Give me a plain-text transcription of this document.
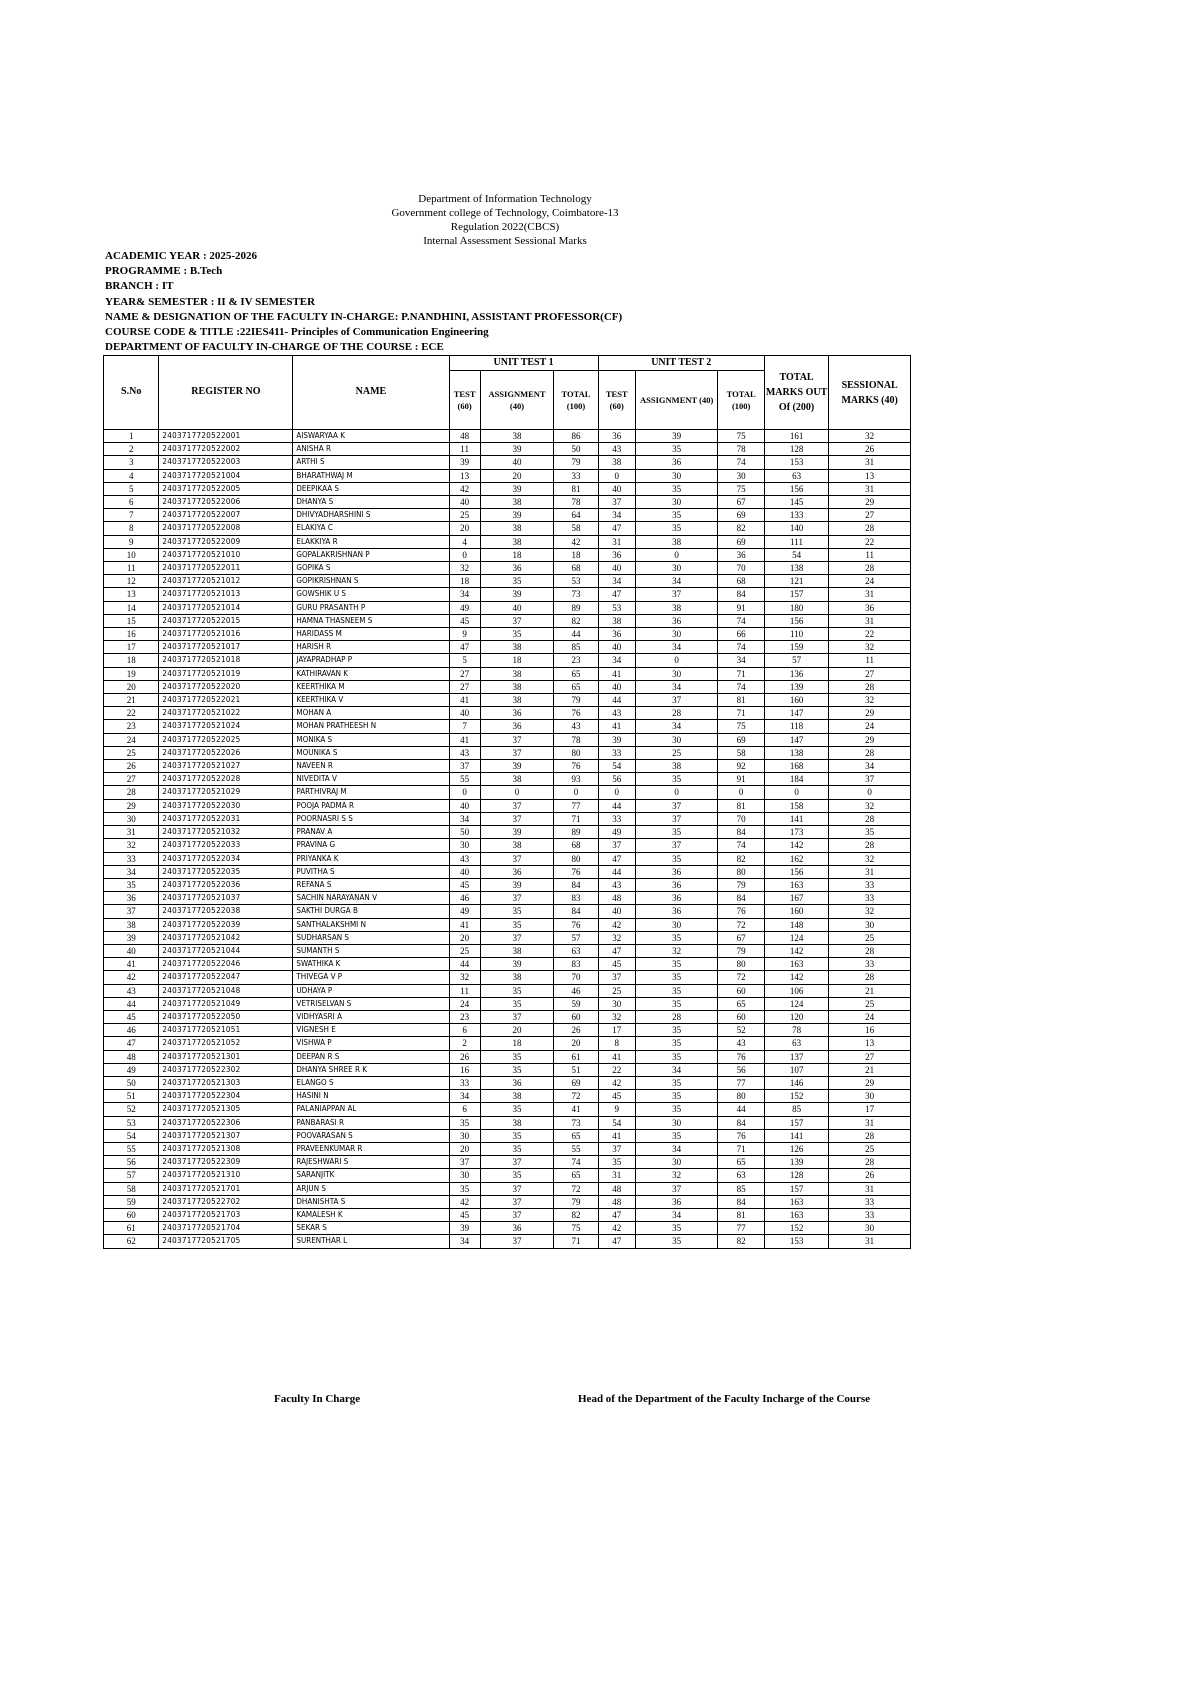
Department of Information Technology
Government college of Technology, Coimbatore-13
Regulation 2022(CBCS)
Internal Assessment Sessional Marks
ACADEMIC YEAR : 2025-2026
PROGRAMME : B.Tech
BRANCH : IT
YEAR& SEMESTER : II & IV SEMESTER
NAME & DESIGNATION OF THE FACULTY IN-CHARGE: P.NANDHINI, ASSISTANT PROFESSOR(CF)
COURSE CODE & TITLE :22IES411- Principles of Communication Engineering
DEPARTMENT OF FACULTY IN-CHARGE OF THE COURSE : ECE
S.No	REGISTER NO	NAME	UNIT TEST 1			UNIT TEST 2			TOTAL MARKS OUT Of (200)	SESSIONAL MARKS (40)
			TEST (60)	ASSIGNMENT (40)	TOTAL (100)	TEST (60)	ASSIGNMENT (40)	TOTAL (100)		
1	2403717720522001	AISWARYAA K	48	38	86	36	39	75	161	32
2	2403717720522002	ANISHA R	11	39	50	43	35	78	128	26
3	2403717720522003	ARTHI S	39	40	79	38	36	74	153	31
4	2403717720521004	BHARATHWAJ M	13	20	33	0	30	30	63	13
5	2403717720522005	DEEPIKAA S	42	39	81	40	35	75	156	31
6	2403717720522006	DHANYA S	40	38	78	37	30	67	145	29
7	2403717720522007	DHIVYADHARSHINI S	25	39	64	34	35	69	133	27
8	2403717720522008	ELAKIYA C	20	38	58	47	35	82	140	28
9	2403717720522009	ELAKKIYA R	4	38	42	31	38	69	111	22
10	2403717720521010	GOPALAKRISHNAN P	0	18	18	36	0	36	54	11
11	2403717720522011	GOPIKA S	32	36	68	40	30	70	138	28
12	2403717720521012	GOPIKRISHNAN S	18	35	53	34	34	68	121	24
13	2403717720521013	GOWSHIK U S	34	39	73	47	37	84	157	31
14	2403717720521014	GURU PRASANTH P	49	40	89	53	38	91	180	36
15	2403717720522015	HAMNA THASNEEM S	45	37	82	38	36	74	156	31
16	2403717720521016	HARIDASS M	9	35	44	36	30	66	110	22
17	2403717720521017	HARISH R	47	38	85	40	34	74	159	32
18	2403717720521018	JAYAPRADHAP P	5	18	23	34	0	34	57	11
19	2403717720521019	KATHIRAVAN K	27	38	65	41	30	71	136	27
20	2403717720522020	KEERTHIKA M	27	38	65	40	34	74	139	28
21	2403717720522021	KEERTHIKA V	41	38	79	44	37	81	160	32
22	2403717720521022	MOHAN A	40	36	76	43	28	71	147	29
23	2403717720521024	MOHAN PRATHEESH N	7	36	43	41	34	75	118	24
24	2403717720522025	MONIKA S	41	37	78	39	30	69	147	29
25	2403717720522026	MOUNIKA S	43	37	80	33	25	58	138	28
26	2403717720521027	NAVEEN R	37	39	76	54	38	92	168	34
27	2403717720522028	NIVEDITA V	55	38	93	56	35	91	184	37
28	2403717720521029	PARTHIVRAJ M	0	0	0	0	0	0	0	0
29	2403717720522030	POOJA PADMA R	40	37	77	44	37	81	158	32
30	2403717720522031	POORNASRI S S	34	37	71	33	37	70	141	28
31	2403717720521032	PRANAV A	50	39	89	49	35	84	173	35
32	2403717720522033	PRAVINA G	30	38	68	37	37	74	142	28
33	2403717720522034	PRIYANKA K	43	37	80	47	35	82	162	32
34	2403717720522035	PUVITHA S	40	36	76	44	36	80	156	31
35	2403717720522036	REFANA S	45	39	84	43	36	79	163	33
36	2403717720521037	SACHIN NARAYANAN V	46	37	83	48	36	84	167	33
37	2403717720522038	SAKTHI DURGA B	49	35	84	40	36	76	160	32
38	2403717720522039	SANTHALAKSHMI N	41	35	76	42	30	72	148	30
39	2403717720521042	SUDHARSAN S	20	37	57	32	35	67	124	25
40	2403717720521044	SUMANTH S	25	38	63	47	32	79	142	28
41	2403717720522046	SWATHIKA K	44	39	83	45	35	80	163	33
42	2403717720522047	THIVEGA V P	32	38	70	37	35	72	142	28
43	2403717720521048	UDHAYA P	11	35	46	25	35	60	106	21
44	2403717720521049	VETRISELVAN S	24	35	59	30	35	65	124	25
45	2403717720522050	VIDHYASRI A	23	37	60	32	28	60	120	24
46	2403717720521051	VIGNESH E	6	20	26	17	35	52	78	16
47	2403717720521052	VISHWA P	2	18	20	8	35	43	63	13
48	2403717720521301	DEEPAN R S	26	35	61	41	35	76	137	27
49	2403717720522302	DHANYA SHREE R K	16	35	51	22	34	56	107	21
50	2403717720521303	ELANGO S	33	36	69	42	35	77	146	29
51	2403717720522304	HASINI N	34	38	72	45	35	80	152	30
52	2403717720521305	PALANIAPPAN AL	6	35	41	9	35	44	85	17
53	2403717720522306	PANBARASI R	35	38	73	54	30	84	157	31
54	2403717720521307	POOVARASAN S	30	35	65	41	35	76	141	28
55	2403717720521308	PRAVEENKUMAR R	20	35	55	37	34	71	126	25
56	2403717720522309	RAJESHWARI S	37	37	74	35	30	65	139	28
57	2403717720521310	SARANJITK	30	35	65	31	32	63	128	26
58	2403717720521701	ARJUN S	35	37	72	48	37	85	157	31
59	2403717720522702	DHANISHTA S	42	37	79	48	36	84	163	33
60	2403717720521703	KAMALESH K	45	37	82	47	34	81	163	33
61	2403717720521704	SEKAR S	39	36	75	42	35	77	152	30
62	2403717720521705	SURENTHAR L	34	37	71	47	35	82	153	31
Faculty In Charge	Head of the Department of the Faculty Incharge of the Course
